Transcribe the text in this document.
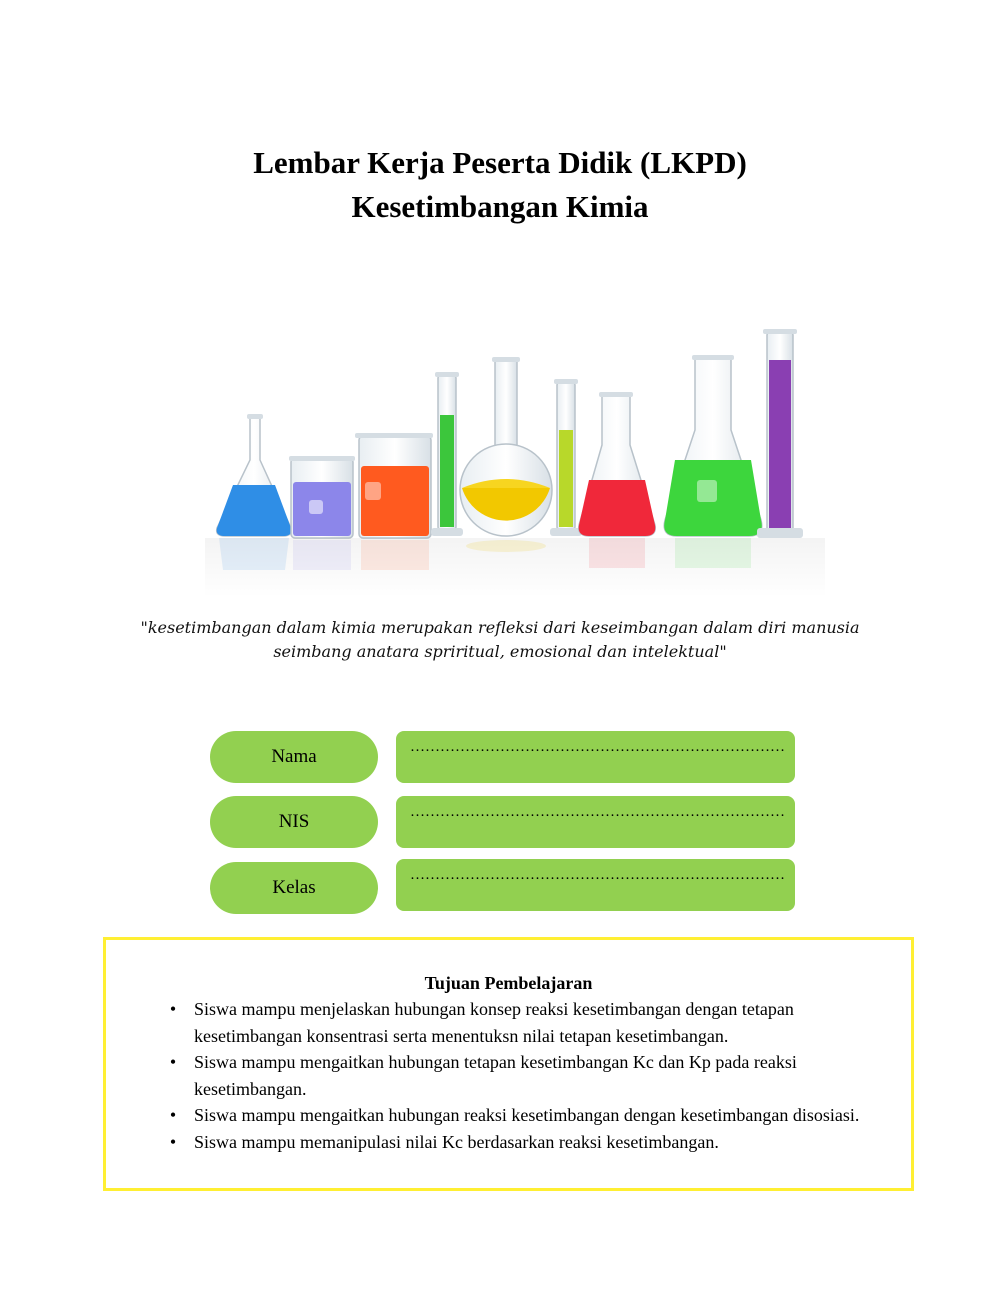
Lembar Kerja Peserta Didik (LKPD)
Kesetimbangan Kimia
"kesetimbangan dalam kimia merupakan refleksi dari keseimbangan dalam diri manusia
seimbang anatara spriritual, emosional dan intelektual"
Nama	…………………………………………………………………
NIS	…………………………………………………………………
Kelas
…………………………………………………………………
Tujuan Pembelajaran
• Siswa mampu menjelaskan hubungan konsep reaksi kesetimbangan dengan tetapan kesetimbangan konsentrasi serta menentuksn nilai tetapan kesetimbangan.
• Siswa mampu mengaitkan hubungan tetapan kesetimbangan Kc dan Kp pada reaksi kesetimbangan.
• Siswa mampu mengaitkan hubungan reaksi kesetimbangan dengan kesetimbangan disosiasi.
• Siswa mampu memanipulasi nilai Kc berdasarkan reaksi kesetimbangan.
